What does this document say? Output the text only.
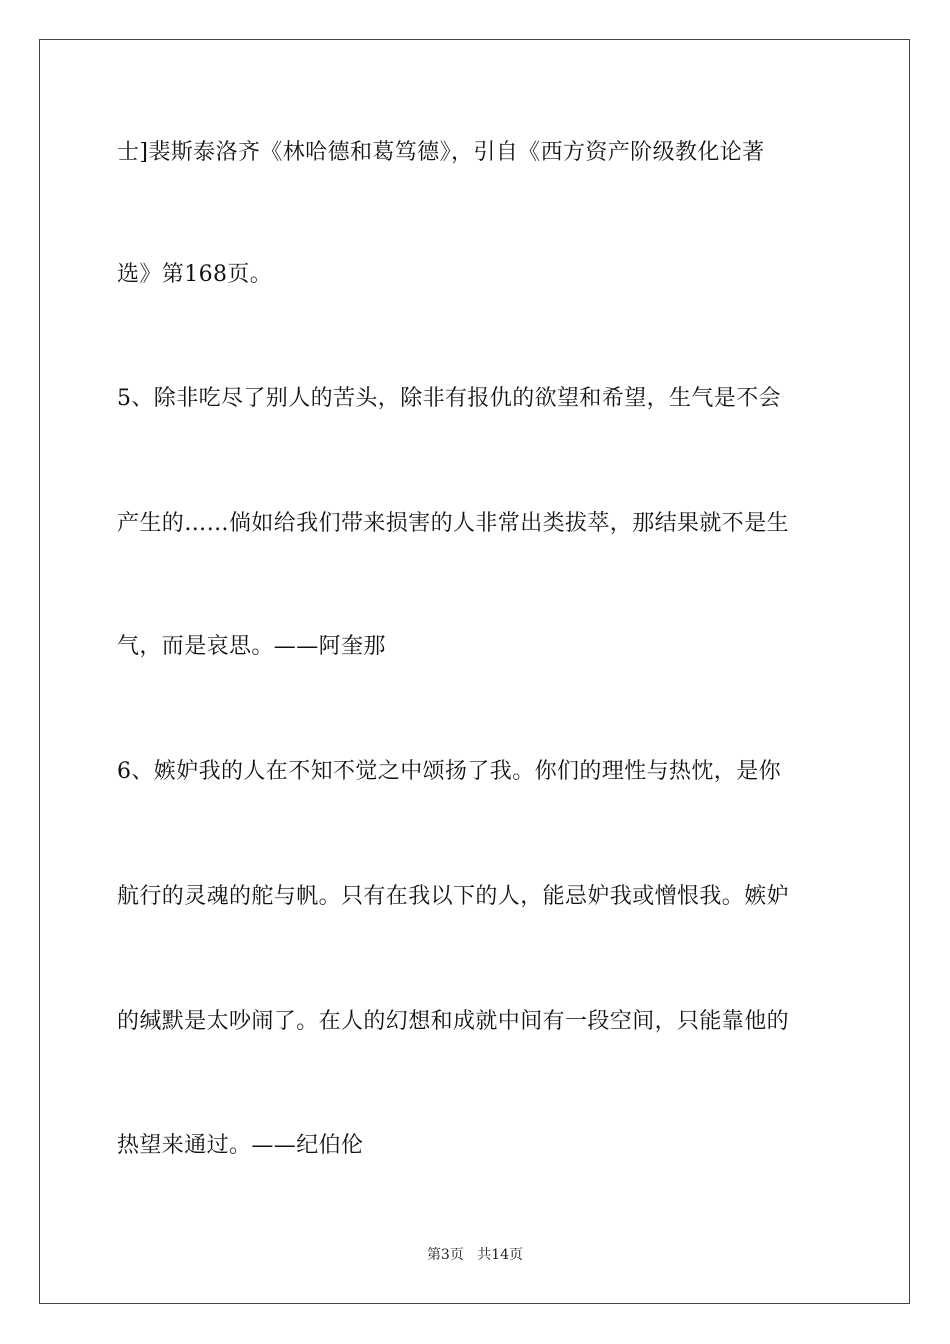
士]裴斯泰洛齐《林哈德和葛笃德》，引自《西方资产阶级教化论著
选》第168页。
5、除非吃尽了别人的苦头，除非有报仇的欲望和希望，生气是不会
产生的……倘如给我们带来损害的人非常出类拔萃，那结果就不是生
气，而是哀思。——阿奎那
6、嫉妒我的人在不知不觉之中颂扬了我。你们的理性与热忱，是你
航行的灵魂的舵与帆。只有在我以下的人，能忌妒我或憎恨我。嫉妒
的缄默是太吵闹了。在人的幻想和成就中间有一段空间，只能靠他的
热望来通过。——纪伯伦
第3页 共14页
